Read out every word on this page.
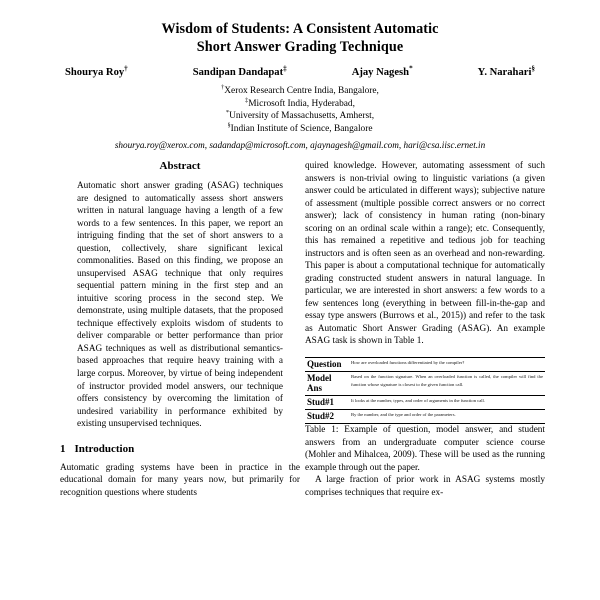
Wisdom of Students: A Consistent Automatic
Short Answer Grading Technique
Shourya Roy†	Sandipan Dandapat‡	Ajay Nagesh*	Y. Narahari§
†Xerox Research Centre India, Bangalore,
‡Microsoft India, Hyderabad,
*University of Massachusetts, Amherst,
§Indian Institute of Science, Bangalore
shourya.roy@xerox.com, sadandap@microsoft.com, ajaynagesh@gmail.com, hari@csa.iisc.ernet.in
Abstract

Automatic short answer grading (ASAG) techniques are designed to automatically assess short answers written in natural language having a length of a few words to a few sentences. In this paper, we report an intriguing finding that the set of short answers to a question, collectively, share significant lexical commonalities. Based on this finding, we propose an unsupervised ASAG technique that only requires sequential pattern mining in the first step and an intuitive scoring process in the second step. We demonstrate, using multiple datasets, that the proposed technique effectively exploits wisdom of students to deliver comparable or better performance than prior ASAG techniques as well as distributional semantics-based approaches that require heavy training with a large corpus. Moreover, by virtue of being independent of instructor provided model answers, our technique offers consistency by overcoming the limitation of undesired variability in performance exhibited by existing unsupervised techniques.

1 Introduction

Automatic grading systems have been in practice in the educational domain for many years now, but primarily for recognition questions where students

quired knowledge. However, automating assessment of such answers is non-trivial owing to linguistic variations (a given answer could be articulated in different ways); subjective nature of assessment (multiple possible correct answers or no correct answer); lack of consistency in human rating (non-binary scoring on an ordinal scale within a range); etc. Consequently, this has remained a repetitive and tedious job for teaching instructors and is often seen as an overhead and non-rewarding. This paper is about a computational technique for automatically grading constructed student answers in natural language. In particular, we are interested in short answers: a few words to a few sentences long (everything in between fill-in-the-gap and essay type answers (Burrows et al., 2015)) and refer to the task as Automatic Short Answer Grading (ASAG). An example ASAG task is shown in Table 1.

Question	How are overloaded functions differentiated by the compiler?

Model
Ans	Based on the function signature. When an overloaded function is called, the compiler will find the function whose signature is closest to the given function call.
Stud#1	It looks at the number, types, and order of arguments in the function call.
Stud#2	By the number, and the type and order of the parameters.

Table 1: Example of question, model answer, and student answers from an undergraduate computer science course (Mohler and Mihalcea, 2009). These will be used as the running example through out the paper.

A large fraction of prior work in ASAG systems mostly comprises techniques that require ex-
